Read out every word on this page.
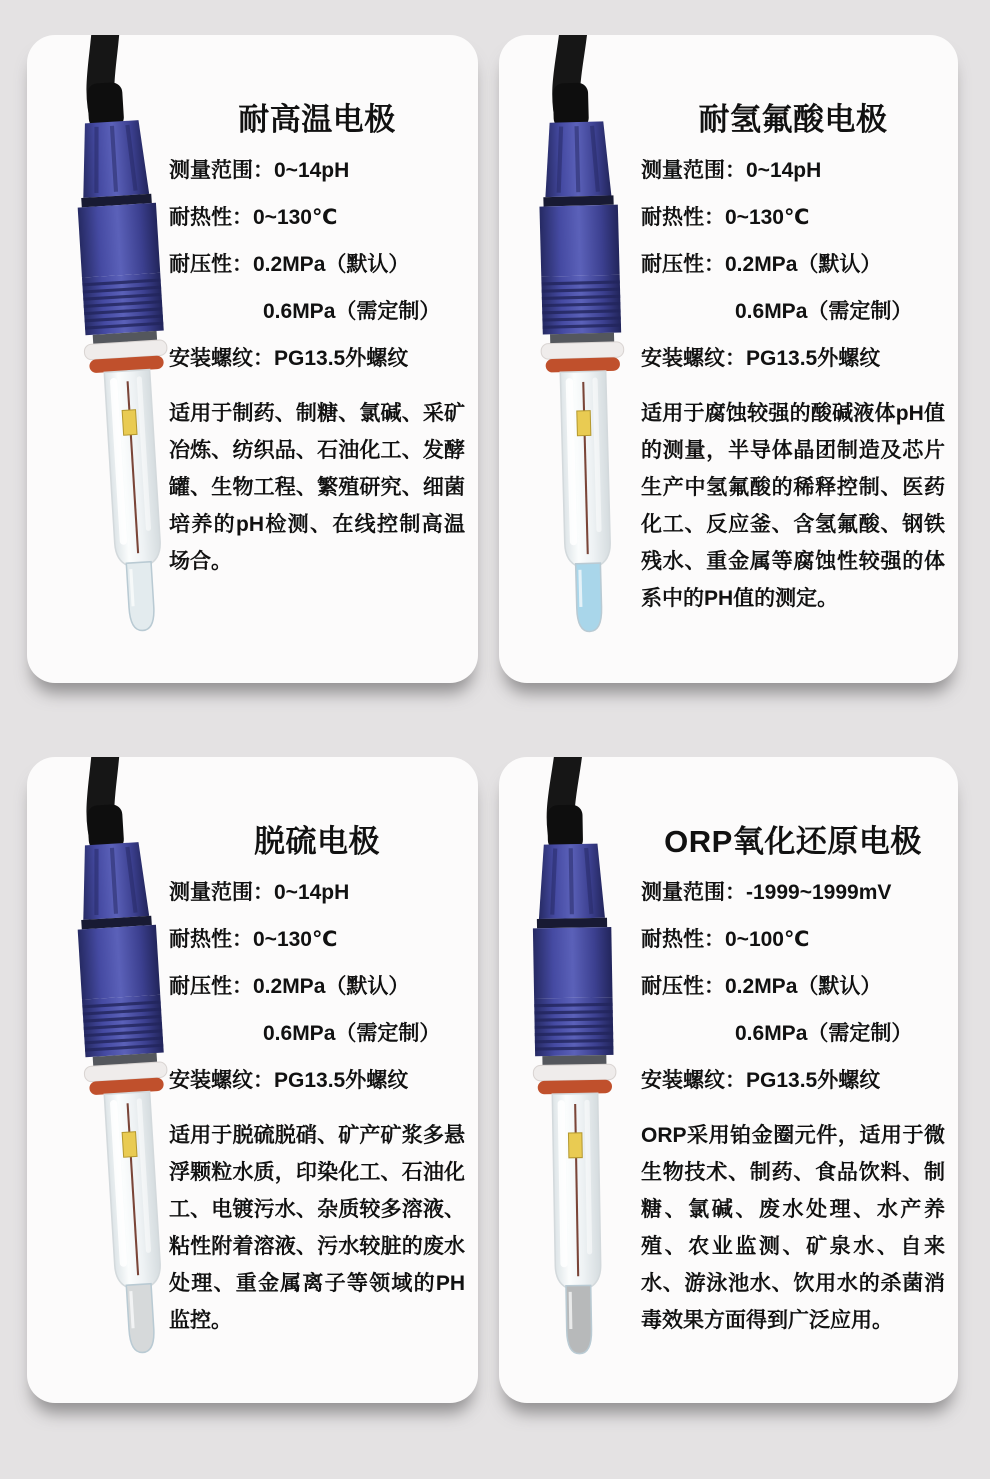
耐高温电极
测量范围：0~14pH
耐热性：0~130℃
耐压性：0.2MPa（默认）
0.6MPa（需定制）
安装螺纹：PG13.5外螺纹

适用于制药、制糖、氯碱、采矿冶炼、纺织品、石油化工、发酵罐、生物工程、繁殖研究、细菌培养的pH检测、在线控制高温场合。

耐氢氟酸电极
测量范围：0~14pH
耐热性：0~130℃
耐压性：0.2MPa（默认）
0.6MPa（需定制）
安装螺纹：PG13.5外螺纹

适用于腐蚀较强的酸碱液体pH值的测量，半导体晶团制造及芯片生产中氢氟酸的稀释控制、医药化工、反应釜、含氢氟酸、钢铁残水、重金属等腐蚀性较强的体系中的PH值的测定。

脱硫电极
测量范围：0~14pH
耐热性：0~130℃
耐压性：0.2MPa（默认）
0.6MPa（需定制）
安装螺纹：PG13.5外螺纹

适用于脱硫脱硝、矿产矿浆多悬浮颗粒水质，印染化工、石油化工、电镀污水、杂质较多溶液、粘性附着溶液、污水较脏的废水处理、重金属离子等领域的PH监控。

ORP氧化还原电极
测量范围：-1999~1999mV
耐热性：0~100℃
耐压性：0.2MPa（默认）
0.6MPa（需定制）
安装螺纹：PG13.5外螺纹

ORP采用铂金圈元件，适用于微生物技术、制药、食品饮料、制糖、氯碱、废水处理、水产养殖、农业监测、矿泉水、自来水、游泳池水、饮用水的杀菌消毒效果方面得到广泛应用。
